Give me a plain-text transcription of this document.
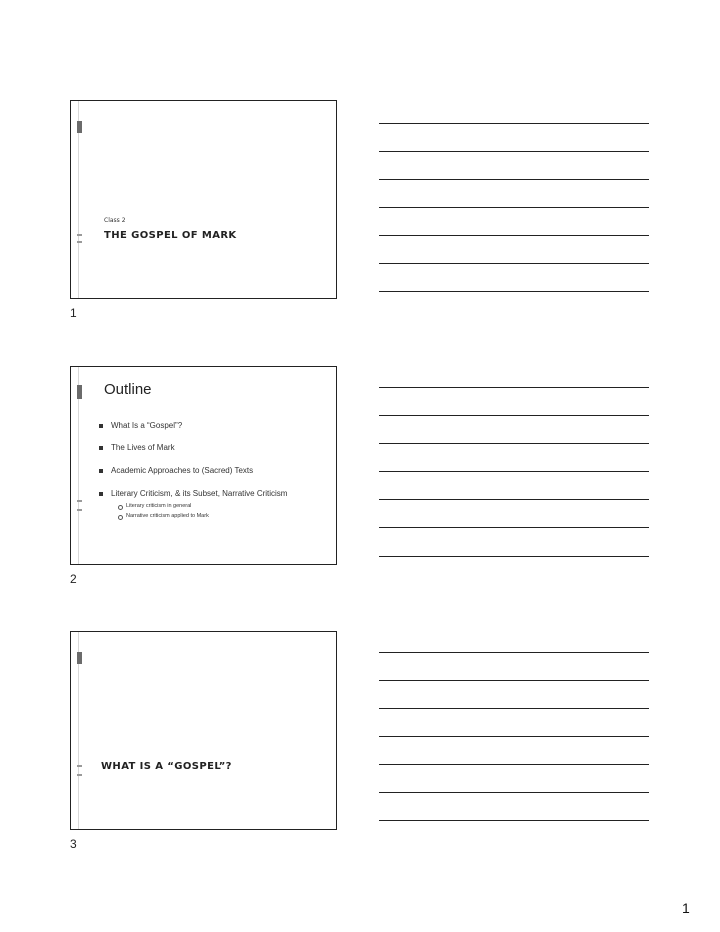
Class 2
THE GOSPEL OF MARK
1
Outline
What Is a “Gospel”?
The Lives of Mark
Academic Approaches to (Sacred) Texts
Literary Criticism, & its Subset, Narrative Criticism
Literary criticism in general
Narrative criticism applied to Mark
2
WHAT IS A “GOSPEL”?
3
1
